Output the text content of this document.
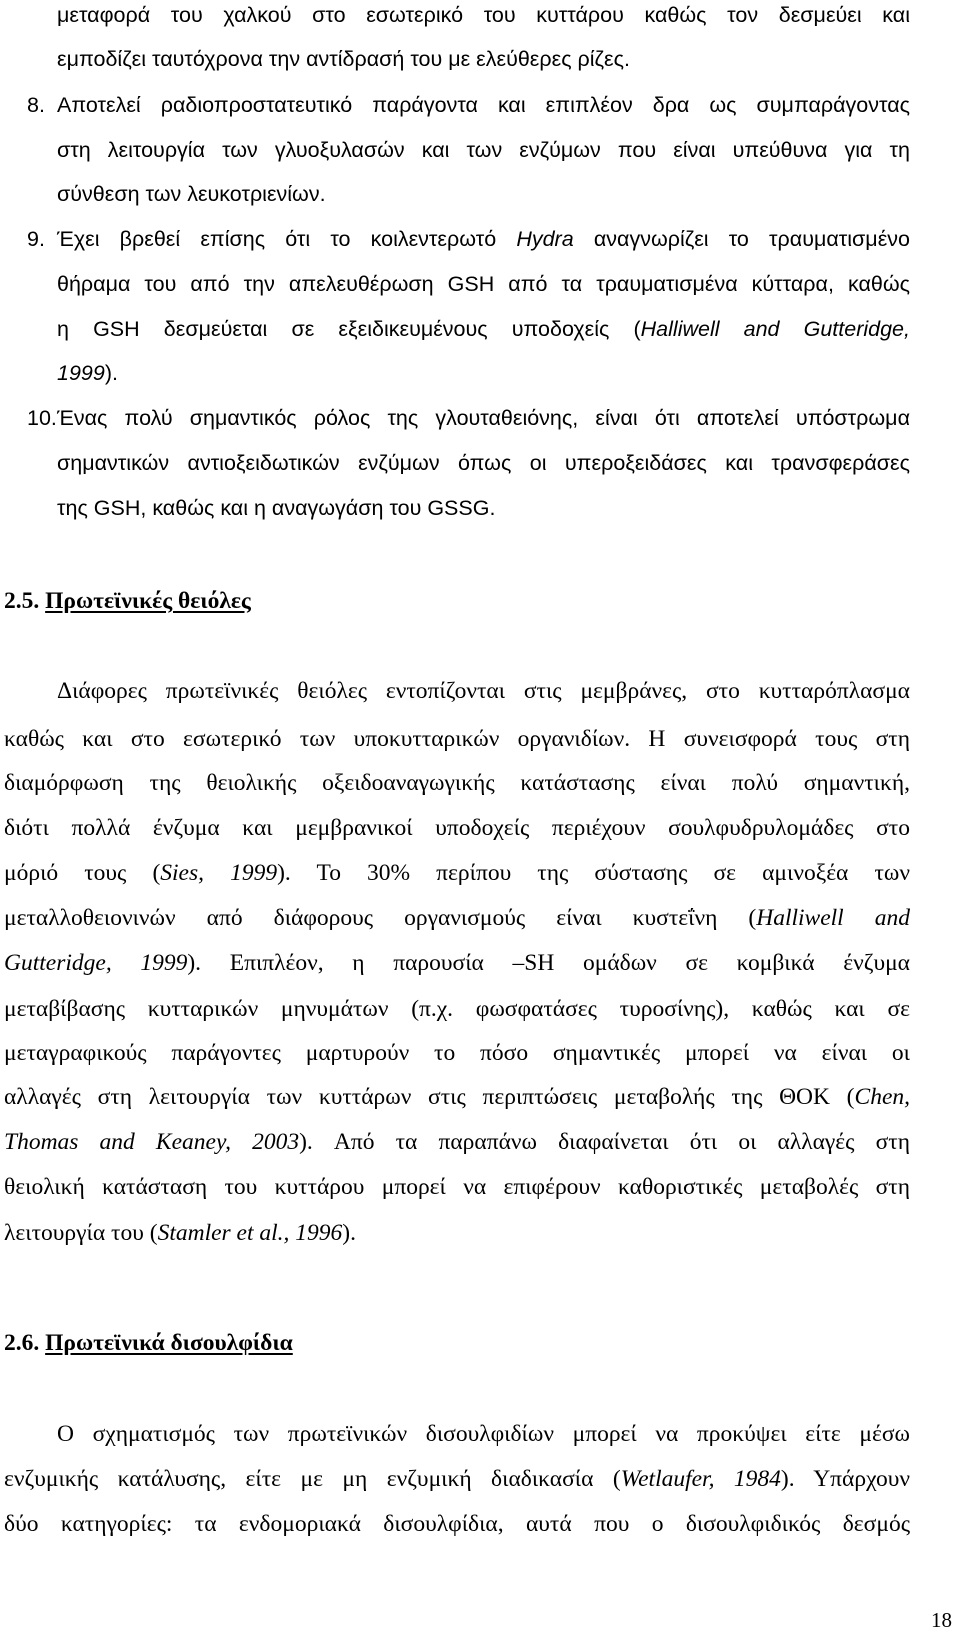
μεταφορά του χαλκού στο εσωτερικό του κυττάρου καθώς τον δεσμεύει και
εμποδίζει ταυτόχρονα την αντίδρασή του με ελεύθερες ρίζες.
8. Αποτελεί ραδιοπροστατευτικό παράγοντα και επιπλέον δρα ως συμπαράγοντας
στη λειτουργία των γλυοξυλασών και των ενζύμων που είναι υπεύθυνα για τη
σύνθεση των λευκοτριενίων.
9. Έχει βρεθεί επίσης ότι το κοιλεντερωτό Hydra αναγνωρίζει το τραυματισμένο
θήραμα του από την απελευθέρωση GSH από τα τραυματισμένα κύτταρα, καθώς
η GSH δεσμεύεται σε εξειδικευμένους υποδοχείς (Halliwell and Gutteridge,
1999).
10.Ένας πολύ σημαντικός ρόλος της γλουταθειόνης, είναι ότι αποτελεί υπόστρωμα
σημαντικών αντιοξειδωτικών ενζύμων όπως οι υπεροξειδάσες και τρανσφεράσες
της GSH, καθώς και η αναγωγάση του GSSG.
2.5. Πρωτεϊνικές θειόλες
Διάφορες πρωτεϊνικές θειόλες εντοπίζονται στις μεμβράνες, στο κυτταρόπλασμα
καθώς και στο εσωτερικό των υποκυτταρικών οργανιδίων. Η συνεισφορά τους στη
διαμόρφωση της θειολικής οξειδοαναγωγικής κατάστασης είναι πολύ σημαντική,
διότι πολλά ένζυμα και μεμβρανικοί υποδοχείς περιέχουν σουλφυδρυλομάδες στο
μόριό τους (Sies, 1999). Το 30% περίπου της σύστασης σε αμινοξέα των
μεταλλοθειονινών από διάφορους οργανισμούς είναι κυστεΐνη (Halliwell and
Gutteridge, 1999). Επιπλέον, η παρουσία –SH ομάδων σε κομβικά ένζυμα
μεταβίβασης κυτταρικών μηνυμάτων (π.χ. φωσφατάσες τυροσίνης), καθώς και σε
μεταγραφικούς παράγοντες μαρτυρούν το πόσο σημαντικές μπορεί να είναι οι
αλλαγές στη λειτουργία των κυττάρων στις περιπτώσεις μεταβολής της ΘΟΚ (Chen,
Thomas and Keaney, 2003). Από τα παραπάνω διαφαίνεται ότι οι αλλαγές στη
θειολική κατάσταση του κυττάρου μπορεί να επιφέρουν καθοριστικές μεταβολές στη
λειτουργία του (Stamler et al., 1996).
2.6. Πρωτεϊνικά δισουλφίδια
Ο σχηματισμός των πρωτεϊνικών δισουλφιδίων μπορεί να προκύψει είτε μέσω
ενζυμικής κατάλυσης, είτε με μη ενζυμική διαδικασία (Wetlaufer, 1984). Υπάρχουν
δύο κατηγορίες: τα ενδομοριακά δισουλφίδια, αυτά που ο δισουλφιδικός δεσμός
18
